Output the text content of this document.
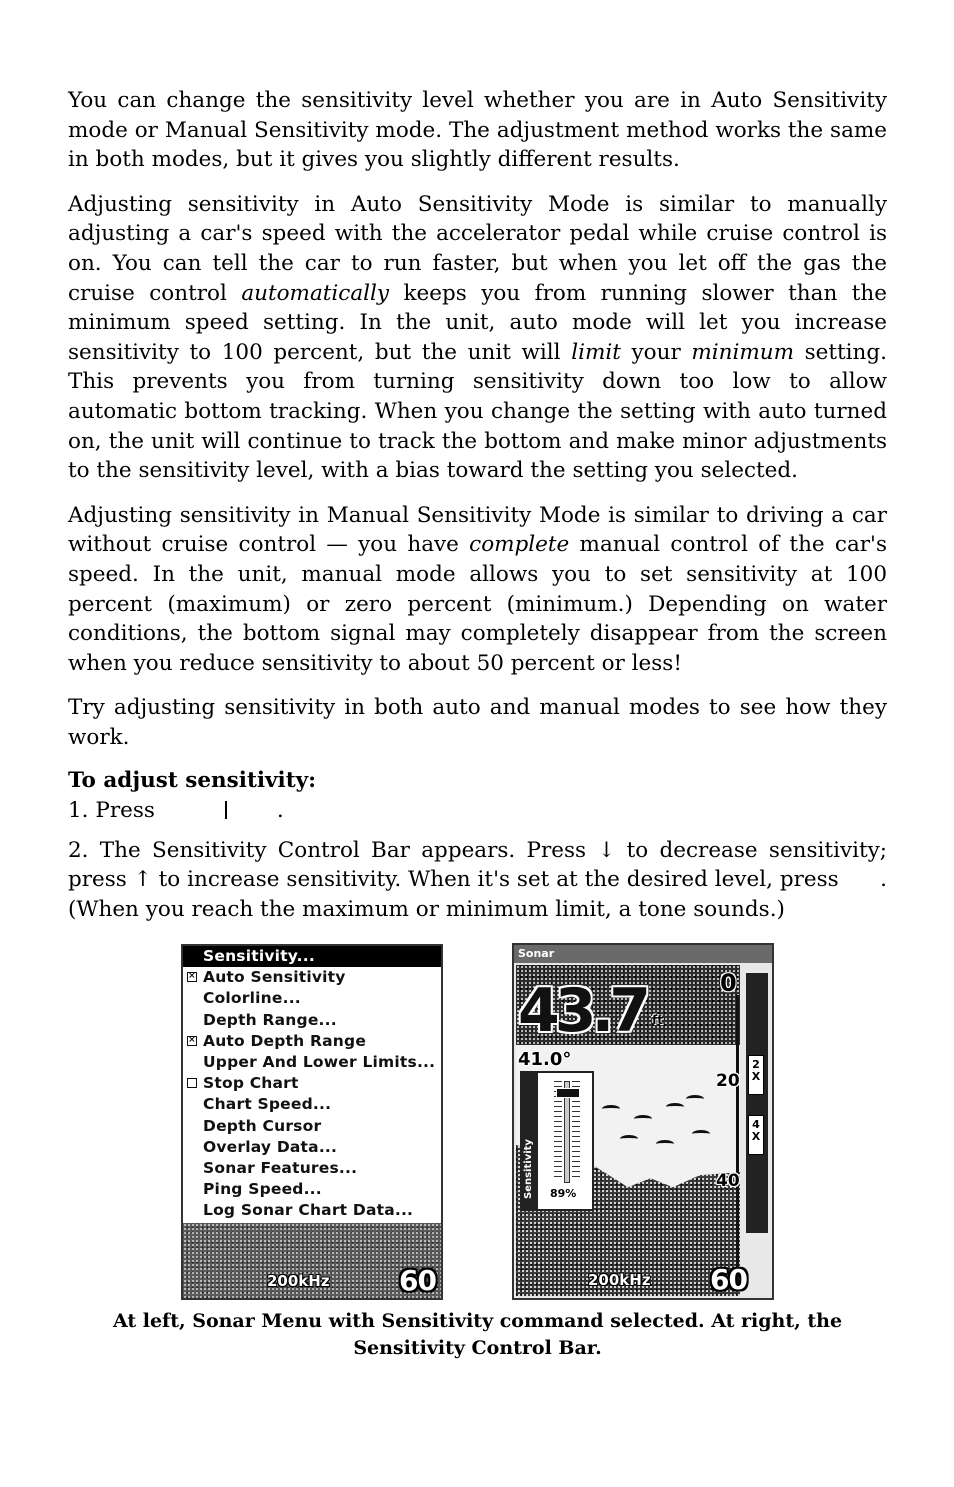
You can change the sensitivity level whether you are in Auto Sensitivity mode or Manual Sensitivity mode. The adjustment method works the same in both modes, but it gives you slightly different results.

Adjusting sensitivity in Auto Sensitivity Mode is similar to manually adjusting a car's speed with the accelerator pedal while cruise control is on. You can tell the car to run faster, but when you let off the gas the cruise control automatically keeps you from running slower than the minimum speed setting. In the unit, auto mode will let you increase sensitivity to 100 percent, but the unit will limit your minimum setting. This prevents you from turning sensitivity down too low to allow automatic bottom tracking. When you change the setting with auto turned on, the unit will continue to track the bottom and make minor adjustments to the sensitivity level, with a bias toward the setting you selected.

Adjusting sensitivity in Manual Sensitivity Mode is similar to driving a car without cruise control — you have complete manual control of the car's speed. In the unit, manual mode allows you to set sensitivity at 100 percent (maximum) or zero percent (minimum.) Depending on water conditions, the bottom signal may completely disappear from the screen when you reduce sensitivity to about 50 percent or less!

Try adjusting sensitivity in both auto and manual modes to see how they work.

To adjust sensitivity:
1. Press	.
2. The Sensitivity Control Bar appears. Press ↓ to decrease sensitivity; press ↑ to increase sensitivity. When it's set at the desired level, press      . (When you reach the maximum or minimum limit, a tone sounds.)
Sensitivity...
× Auto Sensitivity
Colorline...
Depth Range...
× Auto Depth Range
Upper And Lower Limits...
Stop Chart
Chart Speed...
Depth Cursor
Overlay Data...
Sonar Features...
Ping Speed...
Log Sonar Chart Data...
200kHz 60
Sonar
43.7 ft
41.0°
0
20
40
60
200kHz
Sensitivity 89%
2X
4X
At left, Sonar Menu with Sensitivity command selected. At right, the Sensitivity Control Bar.
